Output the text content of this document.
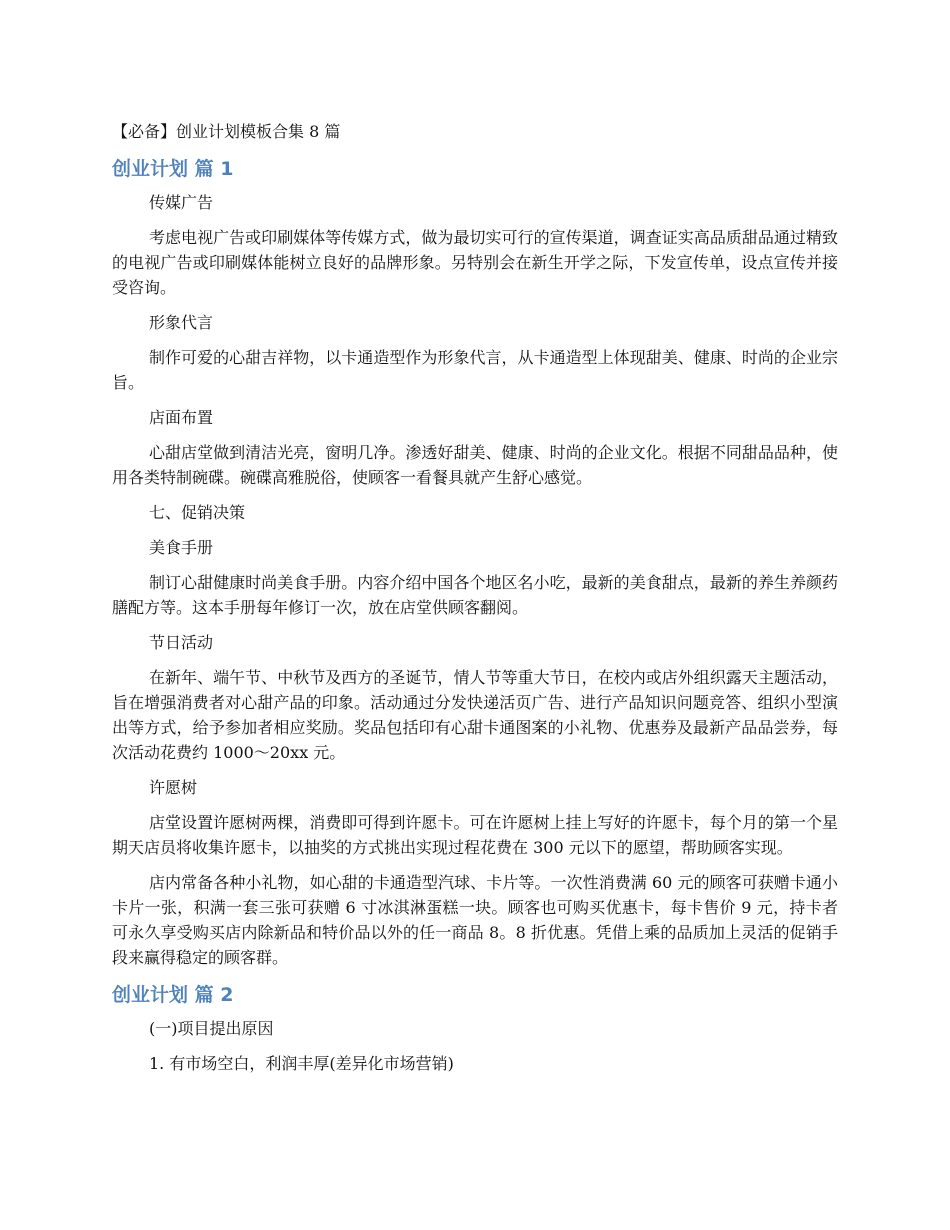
【必备】创业计划模板合集 8 篇
创业计划 篇 1

传媒广告

考虑电视广告或印刷媒体等传媒方式，做为最切实可行的宣传渠道，调查证实高品质甜品通过精致的电视广告或印刷媒体能树立良好的品牌形象。另特别会在新生开学之际，下发宣传单，设点宣传并接受咨询。

形象代言

制作可爱的心甜吉祥物，以卡通造型作为形象代言，从卡通造型上体现甜美、健康、时尚的企业宗旨。

店面布置

心甜店堂做到清洁光亮，窗明几净。渗透好甜美、健康、时尚的企业文化。根据不同甜品品种，使用各类特制碗碟。碗碟高雅脱俗，使顾客一看餐具就产生舒心感觉。

七、促销决策

美食手册

制订心甜健康时尚美食手册。内容介绍中国各个地区名小吃，最新的美食甜点，最新的养生养颜药膳配方等。这本手册每年修订一次，放在店堂供顾客翻阅。

节日活动

在新年、端午节、中秋节及西方的圣诞节，情人节等重大节日，在校内或店外组织露天主题活动，旨在增强消费者对心甜产品的印象。活动通过分发快递活页广告、进行产品知识问题竞答、组织小型演出等方式，给予参加者相应奖励。奖品包括印有心甜卡通图案的小礼物、优惠券及最新产品品尝券，每次活动花费约 1000～20xx 元。

许愿树

店堂设置许愿树两棵，消费即可得到许愿卡。可在许愿树上挂上写好的许愿卡，每个月的第一个星期天店员将收集许愿卡，以抽奖的方式挑出实现过程花费在 300 元以下的愿望，帮助顾客实现。

店内常备各种小礼物，如心甜的卡通造型汽球、卡片等。一次性消费满 60 元的顾客可获赠卡通小卡片一张，积满一套三张可获赠 6 寸冰淇淋蛋糕一块。顾客也可购买优惠卡，每卡售价 9 元，持卡者可永久享受购买店内除新品和特价品以外的任一商品 8。8 折优惠。凭借上乘的品质加上灵活的促销手段来赢得稳定的顾客群。

创业计划 篇 2

(一)项目提出原因

1. 有市场空白，利润丰厚(差异化市场营销)
